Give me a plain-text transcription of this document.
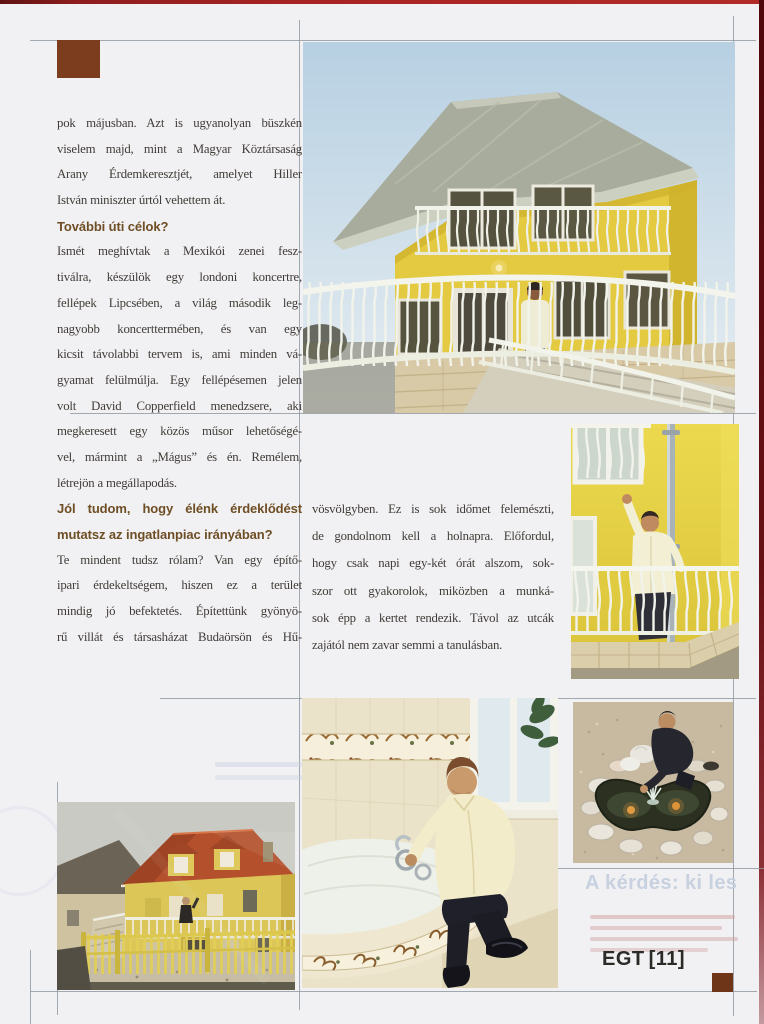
A kérdés: ki les
pok májusban. Azt is ugyanolyan büszkén
viselem majd, mint a Magyar Köztársaság
Arany Érdemkeresztjét, amelyet Hiller
István miniszter úrtól vehettem át.
További úti célok?
Ismét meghívtak a Mexikói zenei fesz-
tiválra, készülök egy londoni koncertre,
fellépek Lipcsében, a világ második leg-
nagyobb koncerttermében, és van egy
kicsit távolabbi tervem is, ami minden vá-
gyamat felülmúlja. Egy fellépésemen jelen
volt David Copperfield menedzsere, aki
megkeresett egy közös műsor lehetőségé-
vel, mármint a „Mágus” és én. Remélem,
létrejön a megállapodás.
Jól tudom, hogy élénk érdeklődést
mutatsz az ingatlanpiac irányában?
Te mindent tudsz rólam? Van egy építő-
ipari érdekeltségem, hiszen ez a terület
mindig jó befektetés. Építettünk gyönyö-
rű villát és társasházat Budaörsön és Hű-
vösvölgyben. Ez is sok időmet felemészti,
de gondolnom kell a holnapra. Előfordul,
hogy csak napi egy-két órát alszom, sok-
szor ott gyakorolok, miközben a munká-
sok épp a kertet rendezik. Távol az utcák
zajától nem zavar semmi a tanulásban.
EGT [11]
